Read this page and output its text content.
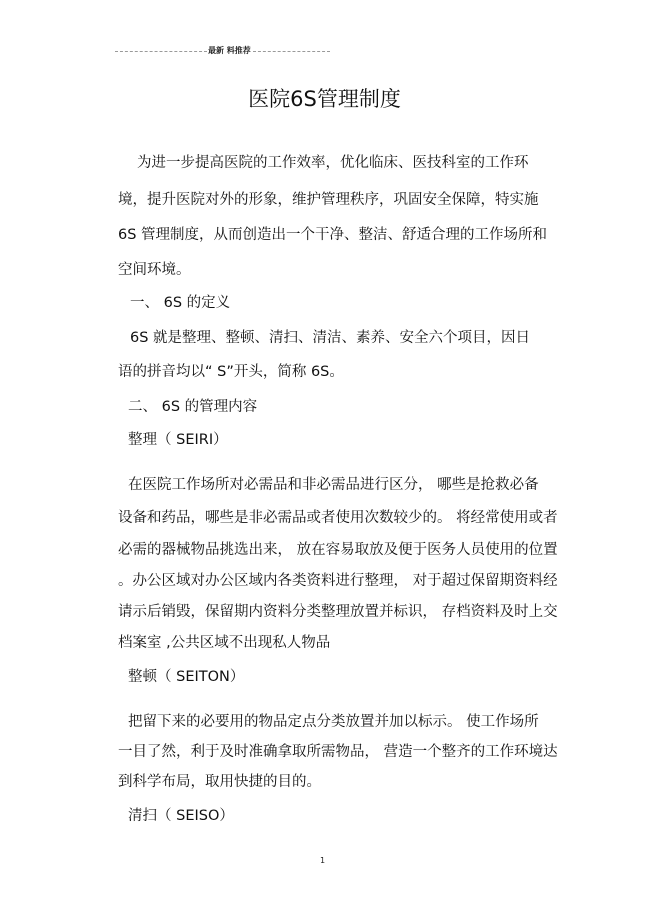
最新 料推荐
医院6S管理制度
为进一步提高医院的工作效率，优化临床、医技科室的工作环
境，提升医院对外的形象，维护管理秩序，巩固安全保障，特实施
6S 管理制度，从而创造出一个干净、整洁、舒适合理的工作场所和
空间环境。
一、 6S 的定义
6S 就是整理、整顿、清扫、清洁、素养、安全六个项目，因日
语的拼音均以“ S”开头，简称 6S。
二、 6S 的管理内容
整理（ SEIRI）
在医院工作场所对必需品和非必需品进行区分， 哪些是抢救必备
设备和药品，哪些是非必需品或者使用次数较少的。 将经常使用或者
必需的器械物品挑选出来， 放在容易取放及便于医务人员使用的位置
。办公区域对办公区域内各类资料进行整理， 对于超过保留期资料经
请示后销毁，保留期内资料分类整理放置并标识， 存档资料及时上交
档案室 ,公共区域不出现私人物品
整顿（ SEITON）
把留下来的必要用的物品定点分类放置并加以标示。 使工作场所
一目了然，利于及时准确拿取所需物品， 营造一个整齐的工作环境达
到科学布局，取用快捷的目的。
清扫（ SEISO）
1
